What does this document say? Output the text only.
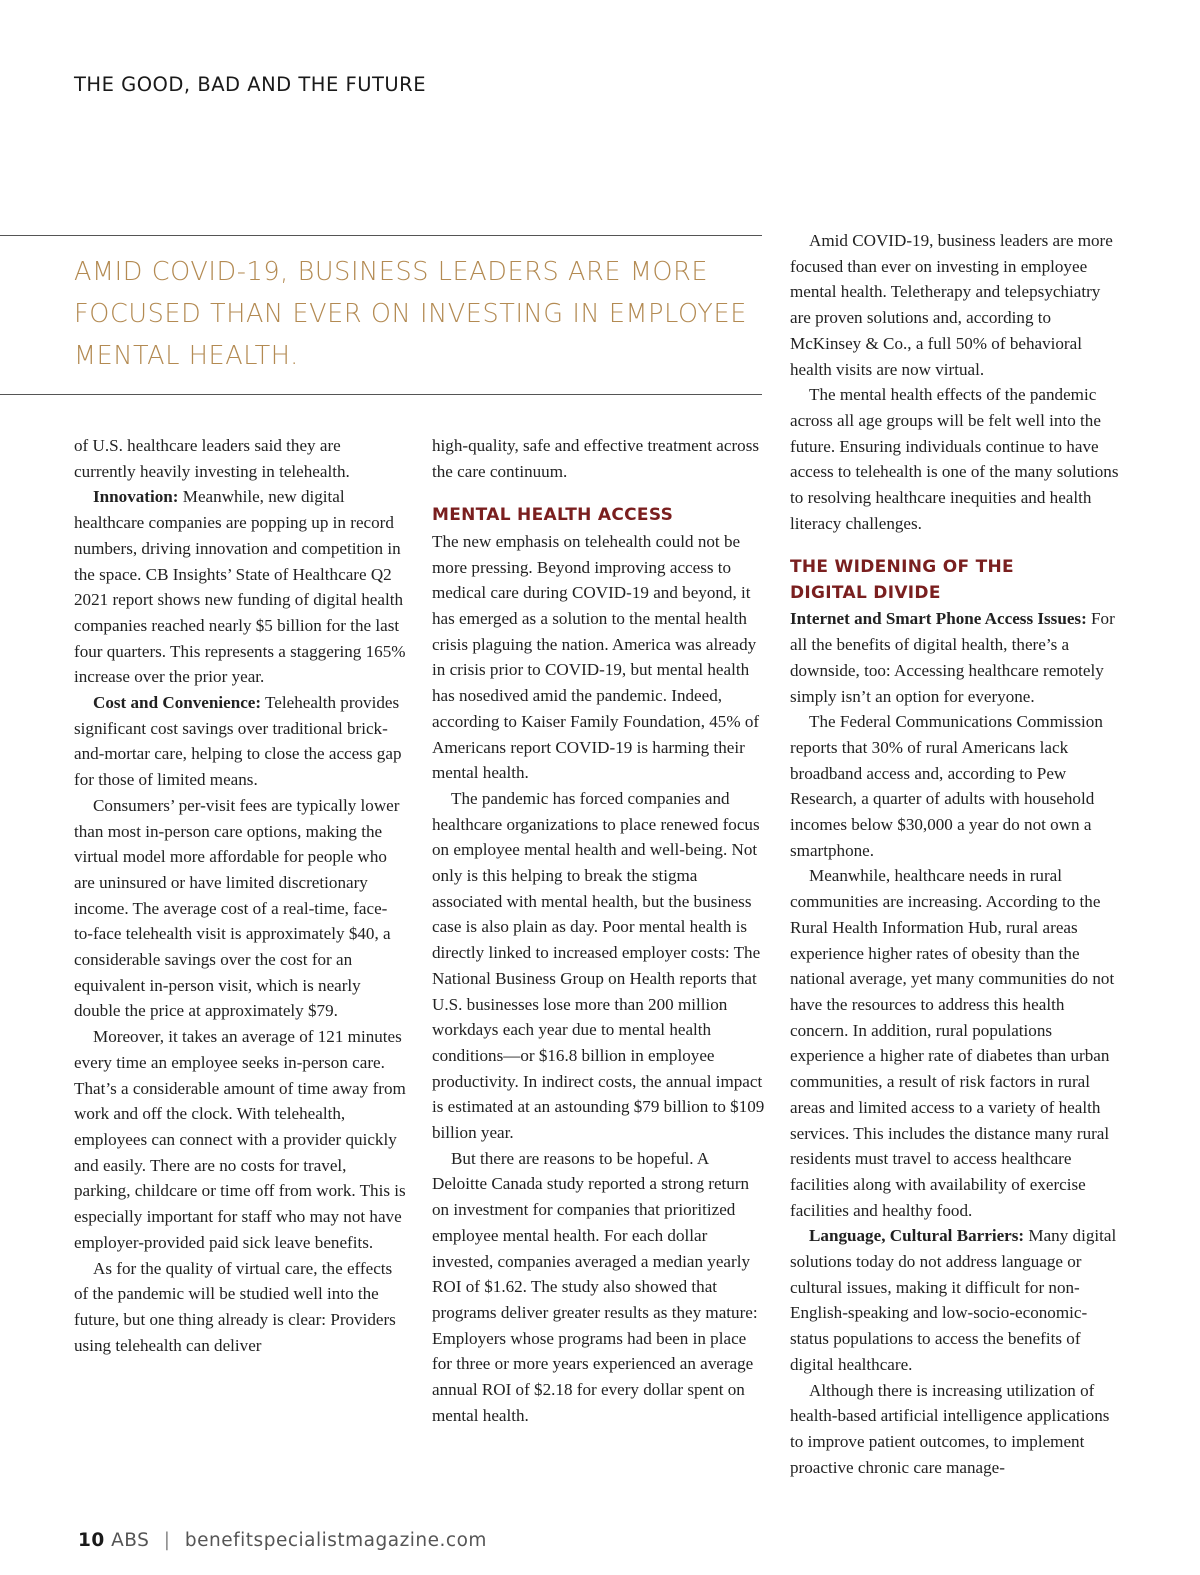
THE GOOD, BAD AND THE FUTURE
AMID COVID-19, BUSINESS LEADERS ARE MORE FOCUSED THAN EVER ON INVESTING IN EMPLOYEE MENTAL HEALTH.

of U.S. healthcare leaders said they are currently heavily investing in telehealth.

Innovation: Meanwhile, new digital healthcare companies are popping up in record numbers, driving innovation and competition in the space. CB Insights’ State of Healthcare Q2 2021 report shows new funding of digital health companies reached nearly $5 billion for the last four quarters. This represents a staggering 165% increase over the prior year.

Cost and Convenience: Telehealth provides significant cost savings over traditional brick-and-mortar care, helping to close the access gap for those of limited means.

Consumers’ per-visit fees are typically lower than most in-person care options, making the virtual model more affordable for people who are uninsured or have limited discretionary income. The average cost of a real-time, face-to-face telehealth visit is approximately $40, a considerable savings over the cost for an equivalent in-person visit, which is nearly double the price at approximately $79.

Moreover, it takes an average of 121 minutes every time an employee seeks in-person care. That’s a considerable amount of time away from work and off the clock. With telehealth, employees can connect with a provider quickly and easily. There are no costs for travel, parking, childcare or time off from work. This is especially important for staff who may not have employer-provided paid sick leave benefits.

As for the quality of virtual care, the effects of the pandemic will be studied well into the future, but one thing already is clear: Providers using telehealth can deliver

high-quality, safe and effective treatment across the care continuum.

MENTAL HEALTH ACCESS

The new emphasis on telehealth could not be more pressing. Beyond improving access to medical care during COVID-19 and beyond, it has emerged as a solution to the mental health crisis plaguing the nation. America was already in crisis prior to COVID-19, but mental health has nosedived amid the pandemic. Indeed, according to Kaiser Family Foundation, 45% of Americans report COVID-19 is harming their mental health.

The pandemic has forced companies and healthcare organizations to place renewed focus on employee mental health and well-being. Not only is this helping to break the stigma associated with mental health, but the business case is also plain as day. Poor mental health is directly linked to increased employer costs: The National Business Group on Health reports that U.S. businesses lose more than 200 million workdays each year due to mental health conditions—or $16.8 billion in employee productivity. In indirect costs, the annual impact is estimated at an astounding $79 billion to $109 billion year.

But there are reasons to be hopeful. A Deloitte Canada study reported a strong return on investment for companies that prioritized employee mental health. For each dollar invested, companies averaged a median yearly ROI of $1.62. The study also showed that programs deliver greater results as they mature: Employers whose programs had been in place for three or more years experienced an average annual ROI of $2.18 for every dollar spent on mental health.

Amid COVID-19, business leaders are more focused than ever on investing in employee mental health. Teletherapy and telepsychiatry are proven solutions and, according to McKinsey & Co., a full 50% of behavioral health visits are now virtual.

The mental health effects of the pandemic across all age groups will be felt well into the future. Ensuring individuals continue to have access to telehealth is one of the many solutions to resolving healthcare inequities and health literacy challenges.

THE WIDENING OF THE
DIGITAL DIVIDE

Internet and Smart Phone Access Issues: For all the benefits of digital health, there’s a downside, too: Accessing healthcare remotely simply isn’t an option for everyone.

The Federal Communications Commission reports that 30% of rural Americans lack broadband access and, according to Pew Research, a quarter of adults with household incomes below $30,000 a year do not own a smartphone.

Meanwhile, healthcare needs in rural communities are increasing. According to the Rural Health Information Hub, rural areas experience higher rates of obesity than the national average, yet many communities do not have the resources to address this health concern. In addition, rural populations experience a higher rate of diabetes than urban communities, a result of risk factors in rural areas and limited access to a variety of health services. This includes the distance many rural residents must travel to access healthcare facilities along with availability of exercise facilities and healthy food.

Language, Cultural Barriers: Many digital solutions today do not address language or cultural issues, making it difficult for non-English-speaking and low-socio-economic-status populations to access the benefits of digital healthcare.

Although there is increasing utilization of health-based artificial intelligence applications to improve patient outcomes, to implement proactive chronic care manage-

10 ABS | benefitspecialistmagazine.com
